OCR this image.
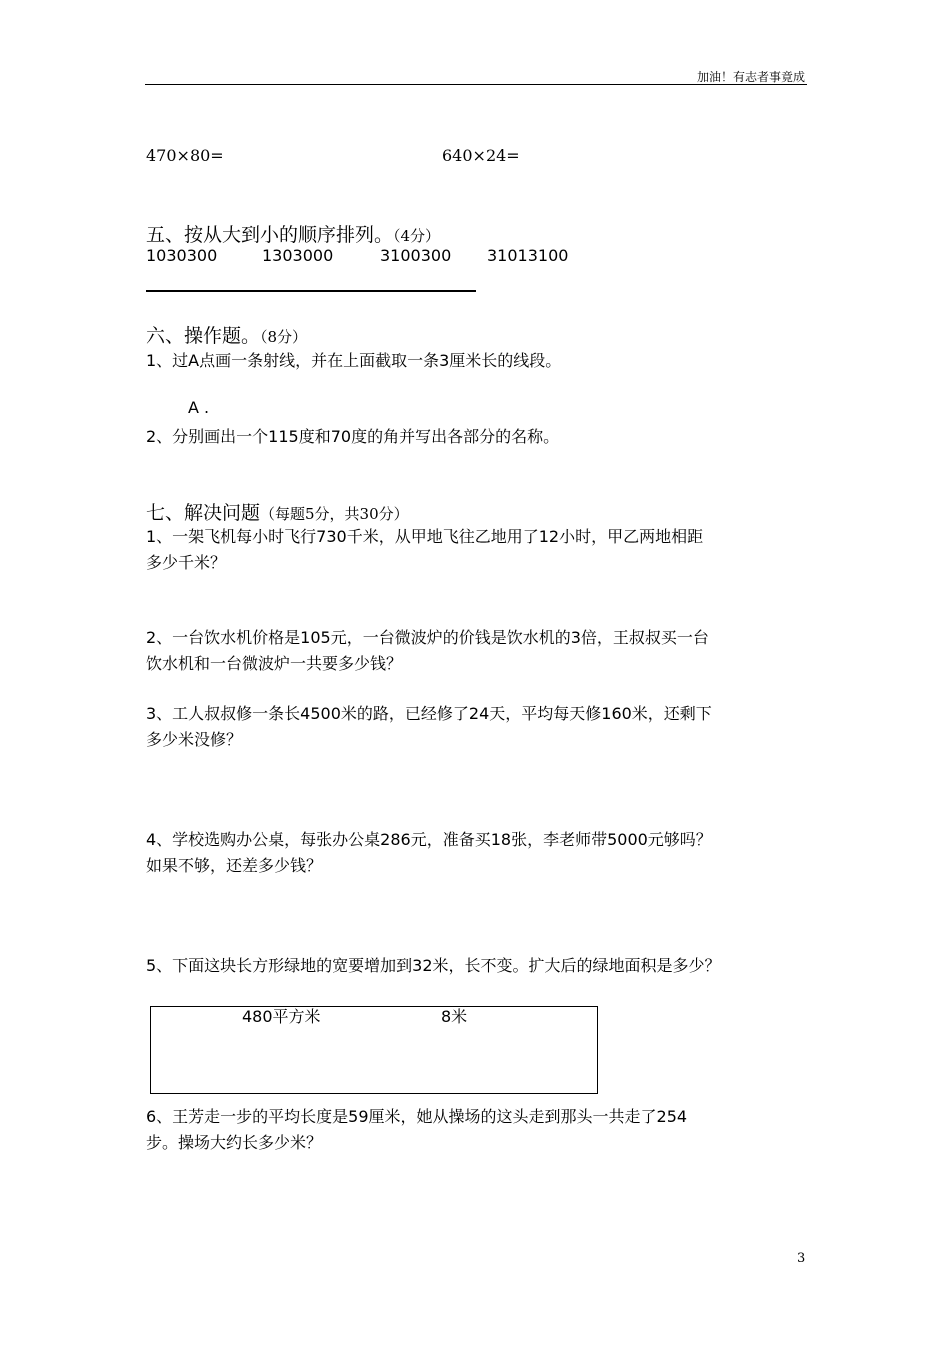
加油！有志者事竟成
470×80=	640×24=
五、按从大到小的顺序排列。（4分）
1030300	1303000	3100300 31013100
六、操作题。（8分）
1、过A点画一条射线，并在上面截取一条3厘米长的线段。
A .
2、分别画出一个115度和70度的角并写出各部分的名称。
七、解决问题（每题5分，共30分）
1、一架飞机每小时飞行730千米，从甲地飞往乙地用了12小时，甲乙两地相距
多少千米？
2、一台饮水机价格是105元，一台微波炉的价钱是饮水机的3倍，王叔叔买一台
饮水机和一台微波炉一共要多少钱？
3、工人叔叔修一条长4500米的路，已经修了24天，平均每天修160米，还剩下
多少米没修？
4、学校选购办公桌，每张办公桌286元，准备买18张，李老师带5000元够吗？
如果不够，还差多少钱？
5、下面这块长方形绿地的宽要增加到32米，长不变。扩大后的绿地面积是多少？
480平方米	8米
6、王芳走一步的平均长度是59厘米，她从操场的这头走到那头一共走了254
步。操场大约长多少米？
3
